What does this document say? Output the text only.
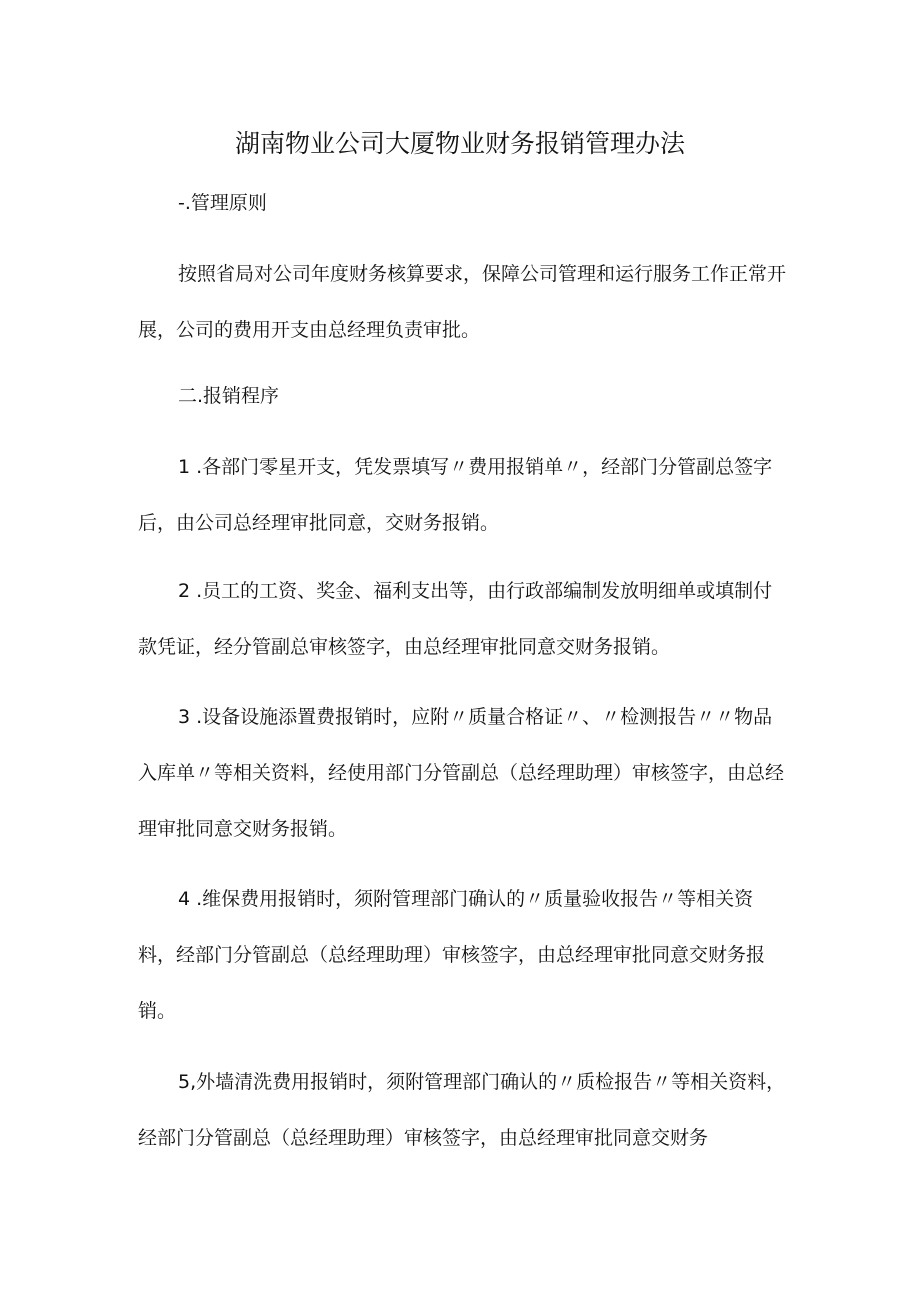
湖南物业公司大厦物业财务报销管理办法

-.管理原则

按照省局对公司年度财务核算要求，保障公司管理和运行服务工作正常开展，公司的费用开支由总经理负责审批。

二.报销程序

1 .各部门零星开支，凭发票填写〃费用报销单〃，经部门分管副总签字后，由公司总经理审批同意，交财务报销。

2 .员工的工资、奖金、福利支出等，由行政部编制发放明细单或填制付款凭证，经分管副总审核签字，由总经理审批同意交财务报销。

3 .设备设施添置费报销时，应附〃质量合格证〃、〃检测报告〃〃物品入库单〃等相关资料，经使用部门分管副总（总经理助理）审核签字，由总经理审批同意交财务报销。

4 .维保费用报销时，须附管理部门确认的〃质量验收报告〃等相关资料，经部门分管副总（总经理助理）审核签字，由总经理审批同意交财务报销。

5,外墙清洗费用报销时，须附管理部门确认的〃质检报告〃等相关资料，经部门分管副总（总经理助理）审核签字，由总经理审批同意交财务
